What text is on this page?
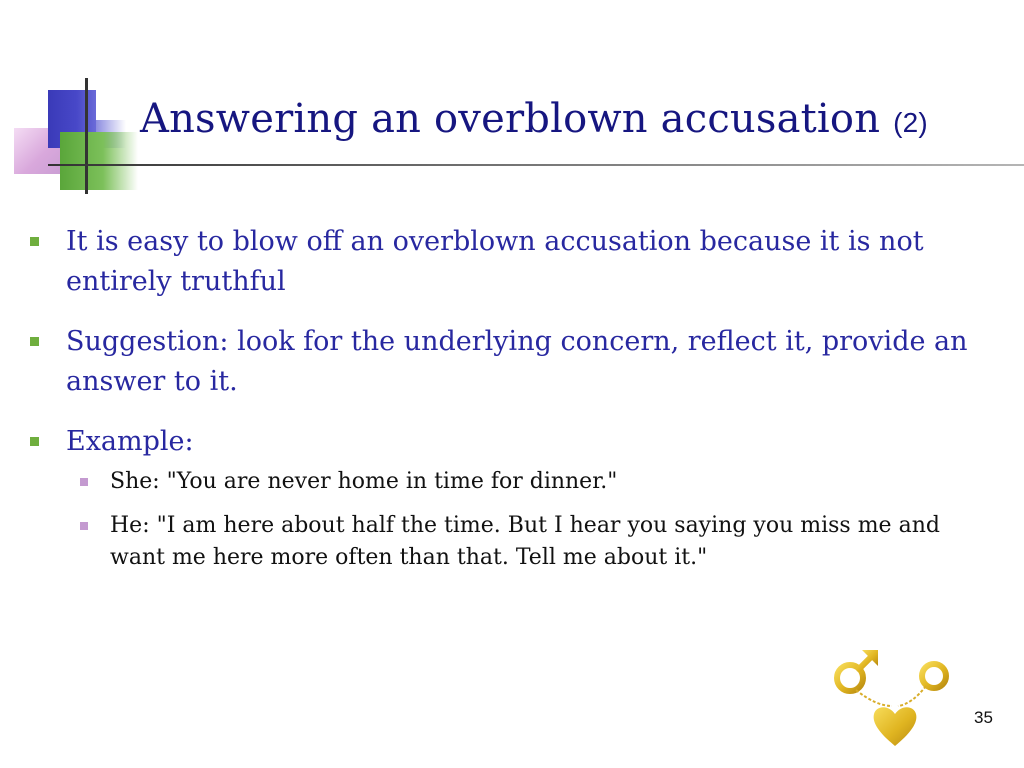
Answering an overblown accusation (2)
It is easy to blow off an overblown accusation because it is not entirely truthful
Suggestion: look for the underlying concern, reflect it, provide an answer to it.
Example:
She: "You are never home in time for dinner."
He: "I am here about half the time. But I hear you saying you miss me and want me here more often than that. Tell me about it."
35
